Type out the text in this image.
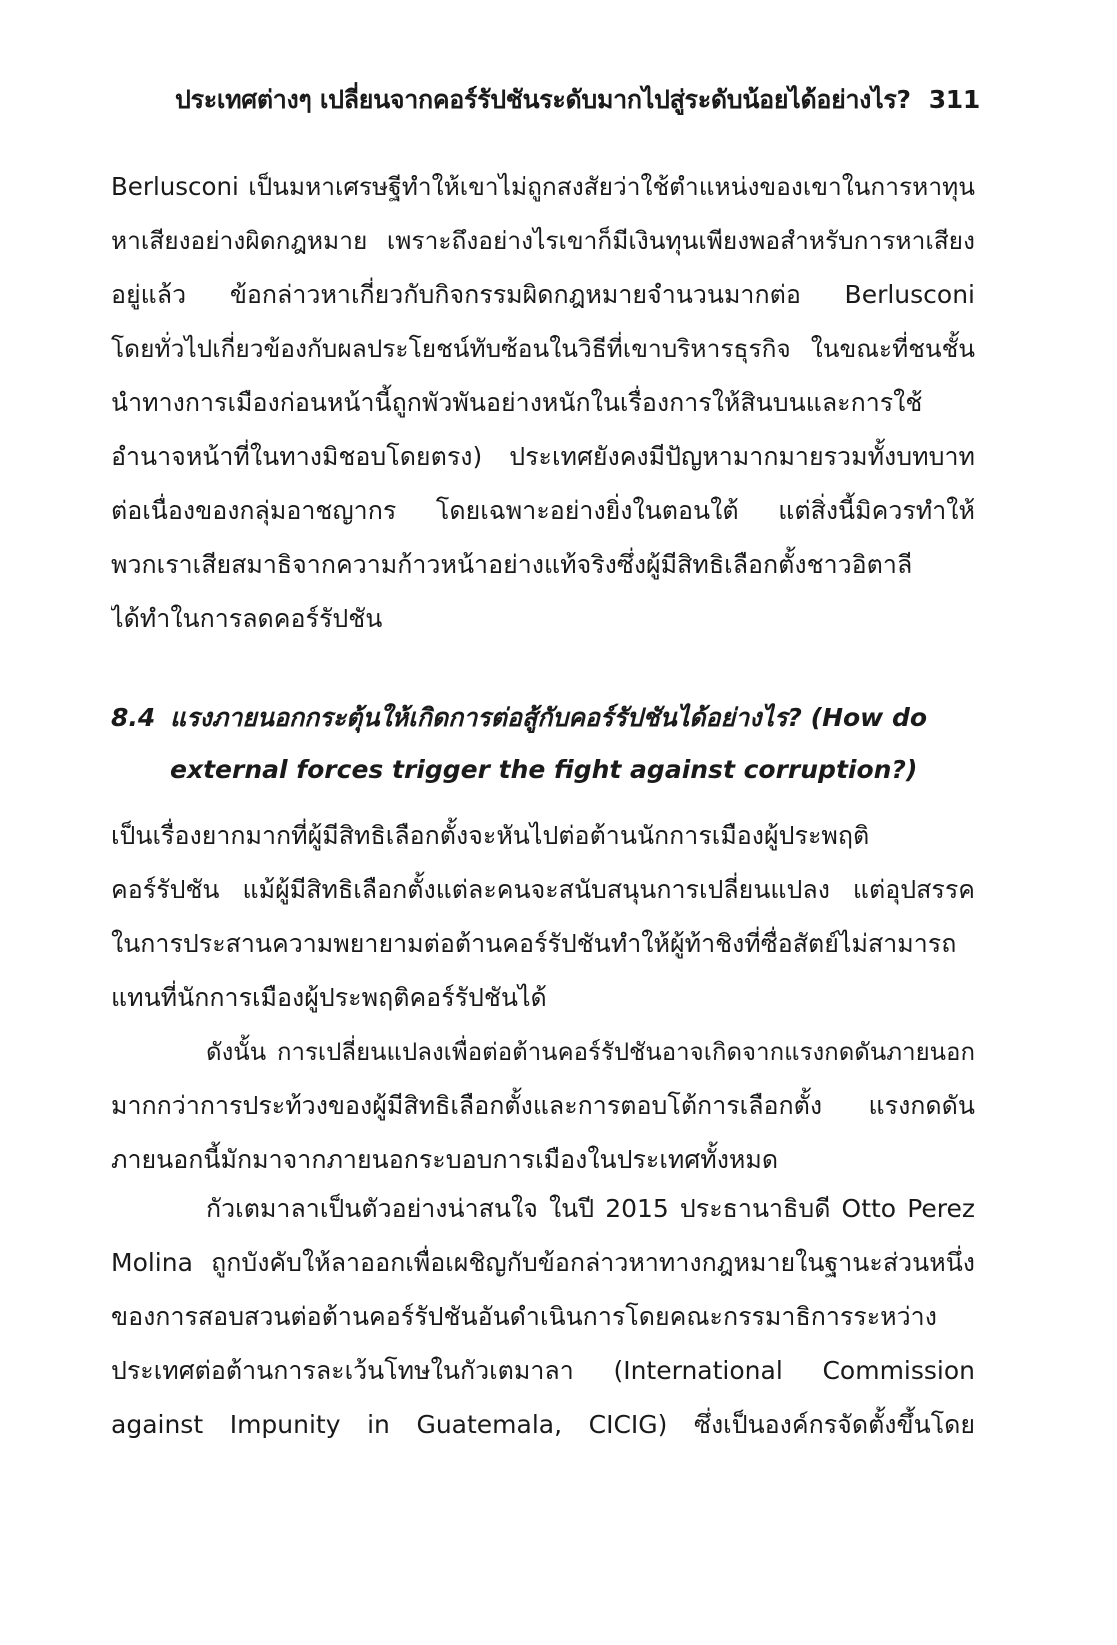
ประเทศต่างๆ เปลี่ยนจากคอร์รัปชันระดับมากไปสู่ระดับน้อยได้อย่างไร? 311
Berlusconi เป็นมหาเศรษฐีทำให้เขาไม่ถูกสงสัยว่าใช้ตำแหน่งของเขาในการหาทุน
หาเสียงอย่างผิดกฎหมาย เพราะถึงอย่างไรเขาก็มีเงินทุนเพียงพอสำหรับการหาเสียง
อยู่แล้ว ข้อกล่าวหาเกี่ยวกับกิจกรรมผิดกฎหมายจำนวนมากต่อ Berlusconi
โดยทั่วไปเกี่ยวข้องกับผลประโยชน์ทับซ้อนในวิธีที่เขาบริหารธุรกิจ ในขณะที่ชนชั้น
นำทางการเมืองก่อนหน้านี้ถูกพัวพันอย่างหนักในเรื่องการให้สินบนและการใช้
อำนาจหน้าที่ในทางมิชอบโดยตรง) ประเทศยังคงมีปัญหามากมายรวมทั้งบทบาท
ต่อเนื่องของกลุ่มอาชญากร โดยเฉพาะอย่างยิ่งในตอนใต้ แต่สิ่งนี้มิควรทำให้
พวกเราเสียสมาธิจากความก้าวหน้าอย่างแท้จริงซึ่งผู้มีสิทธิเลือกตั้งชาวอิตาลี
ได้ทำในการลดคอร์รัปชัน
8.4 แรงภายนอกกระตุ้นให้เกิดการต่อสู้กับคอร์รัปชันได้อย่างไร? (How do
external forces trigger the fight against corruption?)
เป็นเรื่องยากมากที่ผู้มีสิทธิเลือกตั้งจะหันไปต่อต้านนักการเมืองผู้ประพฤติ
คอร์รัปชัน แม้ผู้มีสิทธิเลือกตั้งแต่ละคนจะสนับสนุนการเปลี่ยนแปลง แต่อุปสรรค
ในการประสานความพยายามต่อต้านคอร์รัปชันทำให้ผู้ท้าชิงที่ซื่อสัตย์ไม่สามารถ
แทนที่นักการเมืองผู้ประพฤติคอร์รัปชันได้
ดังนั้น การเปลี่ยนแปลงเพื่อต่อต้านคอร์รัปชันอาจเกิดจากแรงกดดันภายนอก
มากกว่าการประท้วงของผู้มีสิทธิเลือกตั้งและการตอบโต้การเลือกตั้ง แรงกดดัน
ภายนอกนี้มักมาจากภายนอกระบอบการเมืองในประเทศทั้งหมด
กัวเตมาลาเป็นตัวอย่างน่าสนใจ ในปี 2015 ประธานาธิบดี Otto Perez
Molina ถูกบังคับให้ลาออกเพื่อเผชิญกับข้อกล่าวหาทางกฎหมายในฐานะส่วนหนึ่ง
ของการสอบสวนต่อต้านคอร์รัปชันอันดำเนินการโดยคณะกรรมาธิการระหว่าง
ประเทศต่อต้านการละเว้นโทษในกัวเตมาลา (International Commission
against Impunity in Guatemala, CICIG) ซึ่งเป็นองค์กรจัดตั้งขึ้นโดย
